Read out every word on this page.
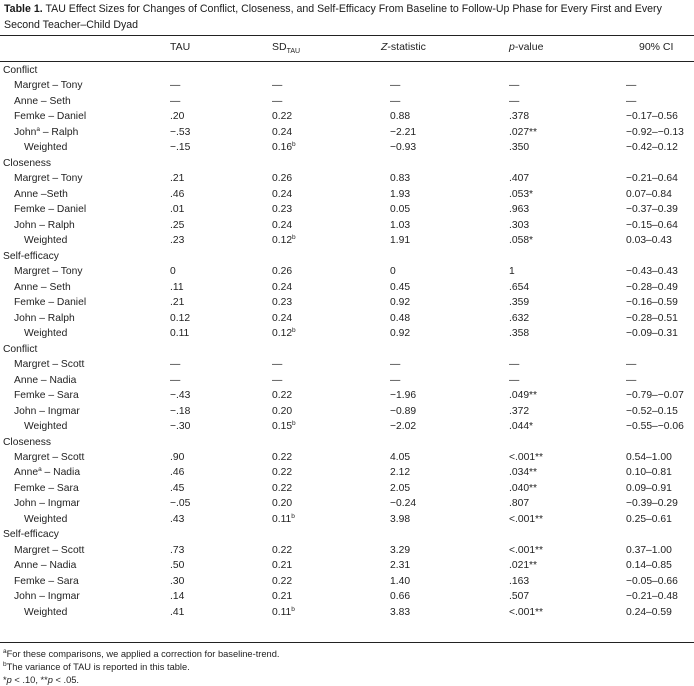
Table 1. TAU Effect Sizes for Changes of Conflict, Closeness, and Self-Efficacy From Baseline to Follow-Up Phase for Every First and Every Second Teacher–Child Dyad
TAU	$SD_{TAU}$	Z-statistic	p-value	90% CI
Conflict
Margret – Tony	—	—	—	—	—
Anne – Seth	—	—	—	—	—
Femke – Daniel	.20	0.22	0.88	.378	−0.17–0.56
John$^a$ – Ralph	−.53	0.24	−2.21	.027**	−0.92–−0.13
Weighted	−.15	0.16$^b$	−0.93	.350	−0.42–0.12
Closeness
Margret – Tony	.21	0.26	0.83	.407	−0.21–0.64
Anne –Seth	.46	0.24	1.93	.053*	0.07–0.84
Femke – Daniel	.01	0.23	0.05	.963	−0.37–0.39
John – Ralph	.25	0.24	1.03	.303	−0.15–0.64
Weighted	.23	0.12$^b$	1.91	.058*	0.03–0.43
Self-efficacy
Margret – Tony	0	0.26	0	1	−0.43–0.43
Anne – Seth	.11	0.24	0.45	.654	−0.28–0.49
Femke – Daniel	.21	0.23	0.92	.359	−0.16–0.59
John – Ralph	0.12	0.24	0.48	.632	−0.28–0.51
Weighted	0.11	0.12$^b$	0.92	.358	−0.09–0.31
Conflict
Margret – Scott	—	—	—	—	—
Anne – Nadia	—	—	—	—	—
Femke – Sara	−.43	0.22	−1.96	.049**	−0.79–−0.07
John – Ingmar	−.18	0.20	−0.89	.372	−0.52–0.15
Weighted	−.30	0.15$^b$	−2.02	.044*	−0.55–−0.06
Closeness
Margret – Scott	.90	0.22	4.05	<.001**	0.54–1.00
Anne$^a$ – Nadia	.46	0.22	2.12	.034**	0.10–0.81
Femke – Sara	.45	0.22	2.05	.040**	0.09–0.91
John – Ingmar	−.05	0.20	−0.24	.807	−0.39–0.29
Weighted	.43	0.11$^b$	3.98	<.001**	0.25–0.61
Self-efficacy
Margret – Scott	.73	0.22	3.29	<.001**	0.37–1.00
Anne – Nadia	.50	0.21	2.31	.021**	0.14–0.85
Femke – Sara	.30	0.22	1.40	.163	−0.05–0.66
John – Ingmar	.14	0.21	0.66	.507	−0.21–0.48
Weighted	.41	0.11$^b$	3.83	<.001**	0.24–0.59
$^a$For these comparisons, we applied a correction for baseline-trend.
$^b$The variance of TAU is reported in this table.
*p < .10, **p < .05.
